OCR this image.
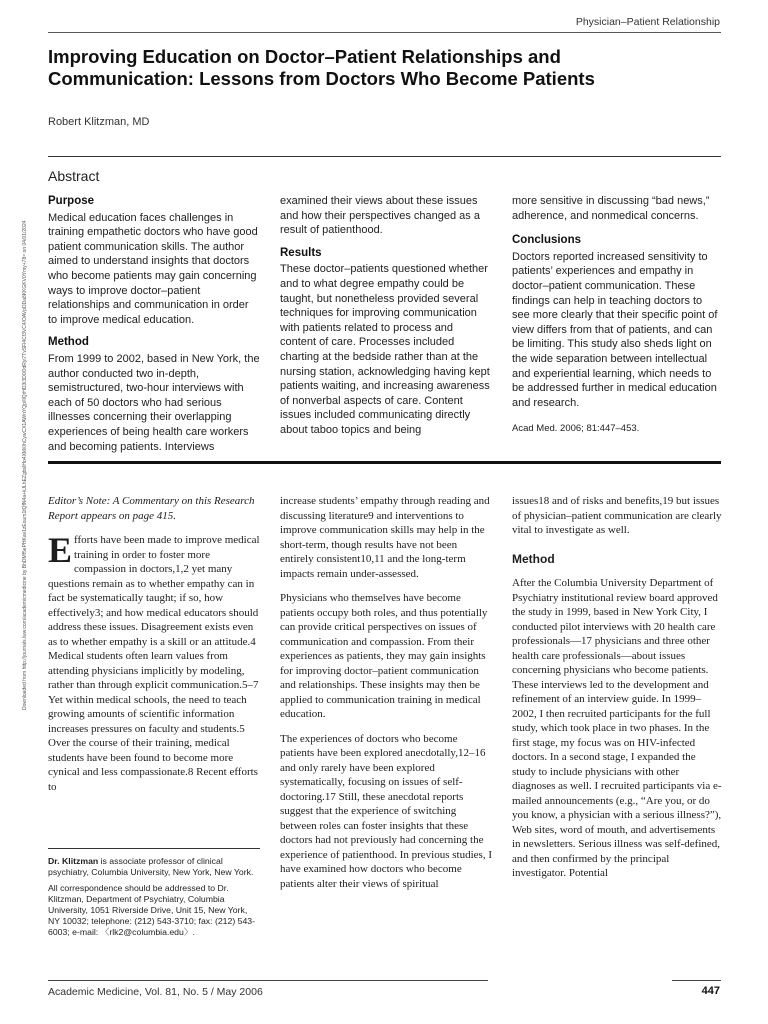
Physician–Patient Relationship
Improving Education on Doctor–Patient Relationships and Communication: Lessons from Doctors Who Become Patients
Robert Klitzman, MD
Abstract
Purpose

Medical education faces challenges in training empathetic doctors who have good patient communication skills. The author aimed to understand insights that doctors who become patients may gain concerning ways to improve doctor–patient relationships and communication in order to improve medical education.

Method

From 1999 to 2002, based in New York, the author conducted two in-depth, semistructured, two-hour interviews with each of 50 doctors who had serious illnesses concerning their overlapping experiences of being health care workers and becoming patients. Interviews

examined their views about these issues and how their perspectives changed as a result of patienthood.

Results

These doctor–patients questioned whether and to what degree empathy could be taught, but nonetheless provided several techniques for improving communication with patients related to process and content of care. Processes included charting at the bedside rather than at the nursing station, acknowledging having kept patients waiting, and increasing awareness of nonverbal aspects of care. Content issues included communicating directly about taboo topics and being

more sensitive in discussing “bad news,” adherence, and nonmedical concerns.

Conclusions

Doctors reported increased sensitivity to patients’ experiences and empathy in doctor–patient communication. These findings can help in teaching doctors to see more clearly that their specific point of view differs from that of patients, and can be limiting. This study also sheds light on the wide separation between intellectual and experiential learning, which needs to be addressed further in medical education and research.

Acad Med. 2006; 81:447–453.

Downloaded from http://journals.lww.com/academicmedicine by BhDMf5ePHKav1zEoum1tQfN4a+kJLhEZgbsIHo4XMi0hCywCX1AWnYQp/IlQrHD3i3D0OdRyi7TvSFl4Cf3VC4/OAVpDDa8KKGKV0Ymy+78= on 04/01/2024 Editor’s Note: A Commentary on this Research Report appears on page 415.

Efforts have been made to improve medical training in order to foster more compassion in doctors,1,2 yet many questions remain as to whether empathy can in fact be systematically taught; if so, how effectively3; and how medical educators should address these issues. Disagreement exists even as to whether empathy is a skill or an attitude.4 Medical students often learn values from attending physicians implicitly by modeling, rather than through explicit communication.5–7 Yet within medical schools, the need to teach growing amounts of scientific information increases pressures on faculty and students.5 Over the course of their training, medical students have been found to become more cynical and less compassionate.8 Recent efforts to

Dr. Klitzman is associate professor of clinical psychiatry, Columbia University, New York, New York.

All correspondence should be addressed to Dr. Klitzman, Department of Psychiatry, Columbia University, 1051 Riverside Drive, Unit 15, New York, NY 10032; telephone: (212) 543-3710; fax: (212) 543-6003; e-mail: 〈rlk2@columbia.edu〉.

increase students’ empathy through reading and discussing literature9 and interventions to improve communication skills may help in the short-term, though results have not been entirely consistent10,11 and the long-term impacts remain under-assessed.

Physicians who themselves have become patients occupy both roles, and thus potentially can provide critical perspectives on issues of communication and compassion. From their experiences as patients, they may gain insights for improving doctor–patient communication and relationships. These insights may then be applied to communication training in medical education.

The experiences of doctors who become patients have been explored anecdotally,12–16 and only rarely have been explored systematically, focusing on issues of self-doctoring.17 Still, these anecdotal reports suggest that the experience of switching between roles can foster insights that these doctors had not previously had concerning the experience of patienthood. In previous studies, I have examined how doctors who become patients alter their views of spiritual

issues18 and of risks and benefits,19 but issues of physician–patient communication are clearly vital to investigate as well.

Method

After the Columbia University Department of Psychiatry institutional review board approved the study in 1999, based in New York City, I conducted pilot interviews with 20 health care professionals—17 physicians and three other health care professionals—about issues concerning physicians who become patients. These interviews led to the development and refinement of an interview guide. In 1999–2002, I then recruited participants for the full study, which took place in two phases. In the first stage, my focus was on HIV-infected doctors. In a second stage, I expanded the study to include physicians with other diagnoses as well. I recruited participants via e-mailed announcements (e.g., “Are you, or do you know, a physician with a serious illness?”), Web sites, word of mouth, and advertisements in newsletters. Serious illness was self-defined, and then confirmed by the principal investigator. Potential

Academic Medicine, Vol. 81, No. 5 / May 2006	447
